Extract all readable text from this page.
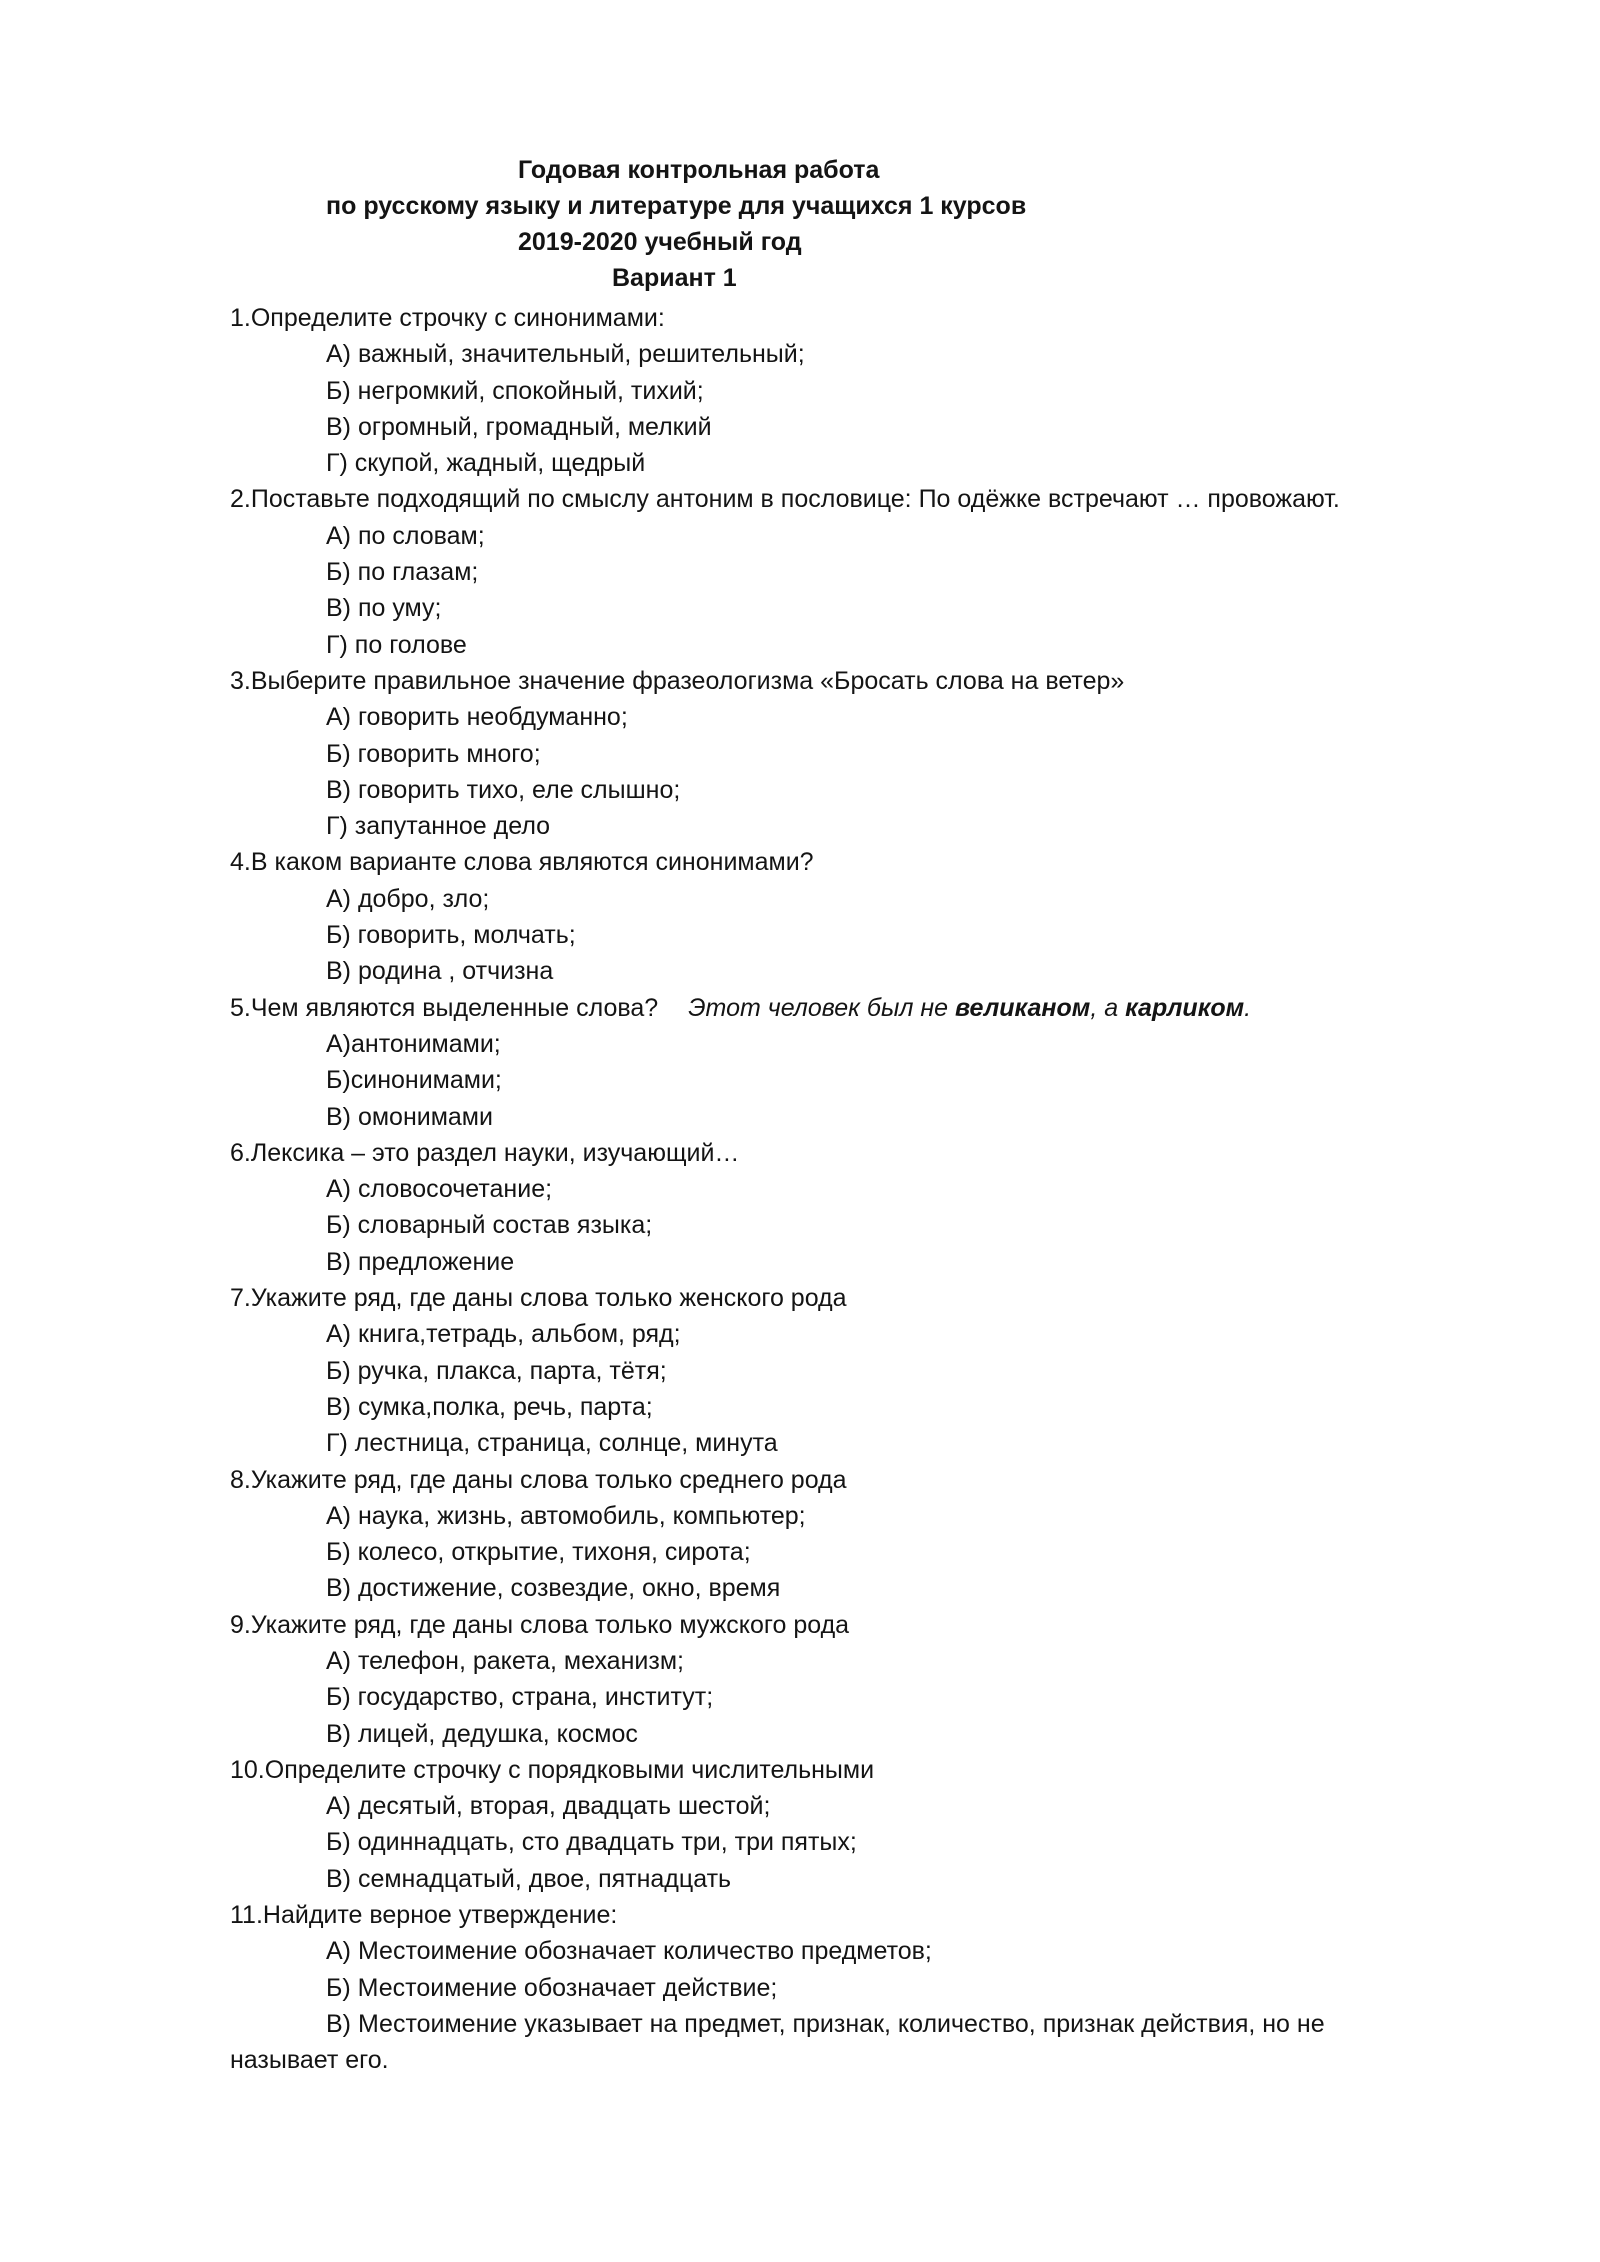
Годовая контрольная работа
по русскому языку и литературе для учащихся 1 курсов
2019-2020 учебный год
Вариант 1
1.Определите строчку с синонимами:
А) важный, значительный, решительный;
Б) негромкий, спокойный, тихий;
В) огромный, громадный, мелкий
Г) скупой, жадный, щедрый
2.Поставьте подходящий по смыслу антоним в пословице: По одёжке встречают … провожают.
А) по словам;
Б) по глазам;
В) по уму;
Г) по голове
3.Выберите правильное значение фразеологизма «Бросать слова на ветер»
А) говорить необдуманно;
Б) говорить много;
В) говорить тихо, еле слышно;
Г) запутанное дело
4.В каком варианте слова являются синонимами?
А) добро, зло;
Б) говорить, молчать;
В) родина , отчизна
5.Чем являются выделенные слова? Этот человек был не великаном, а карликом.
А)антонимами;
Б)синонимами;
В) омонимами
6.Лексика – это раздел науки, изучающий…
А) словосочетание;
Б) словарный состав языка;
В) предложение
7.Укажите ряд, где даны слова только женского рода
А) книга,тетрадь, альбом, ряд;
Б) ручка, плакса, парта, тётя;
В) сумка,полка, речь, парта;
Г) лестница, страница, солнце, минута
8.Укажите ряд, где даны слова только среднего рода
А) наука, жизнь, автомобиль, компьютер;
Б) колесо, открытие, тихоня, сирота;
В) достижение, созвездие, окно, время
9.Укажите ряд, где даны слова только мужского рода
А) телефон, ракета, механизм;
Б) государство, страна, институт;
В) лицей, дедушка, космос
10.Определите строчку с порядковыми числительными
А) десятый, вторая, двадцать шестой;
Б) одиннадцать, сто двадцать три, три пятых;
В) семнадцатый, двое, пятнадцать
11.Найдите верное утверждение:
А) Местоимение обозначает количество предметов;
Б) Местоимение обозначает действие;
В) Местоимение указывает на предмет, признак, количество, признак действия, но не
называет его.
